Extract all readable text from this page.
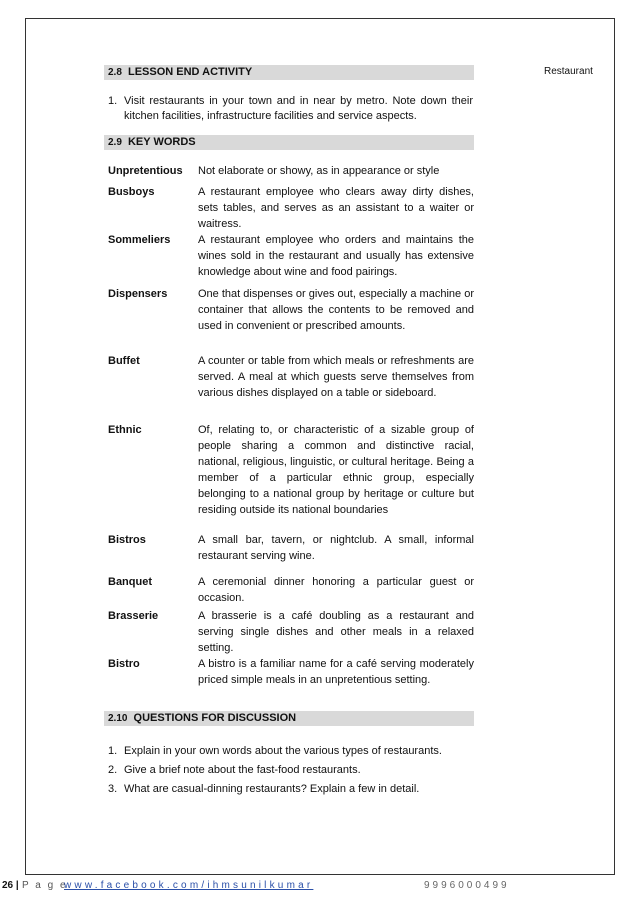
Restaurant
2.8 LESSON END ACTIVITY
1. Visit restaurants in your town and in near by metro. Note down their kitchen facilities, infrastructure facilities and service aspects.
2.9 KEY WORDS
Unpretentious Not elaborate or showy, as in appearance or style
Busboys	A restaurant employee who clears away dirty dishes, sets tables, and serves as an assistant to a waiter or waitress.
Sommeliers	A restaurant employee who orders and maintains the wines sold in the restaurant and usually has extensive knowledge about wine and food pairings.
Dispensers	One that dispenses or gives out, especially a machine or container that allows the contents to be removed and used in convenient or prescribed amounts.
Buffet	A counter or table from which meals or refreshments are served. A meal at which guests serve themselves from various dishes displayed on a table or sideboard.
Ethnic	Of, relating to, or characteristic of a sizable group of people sharing a common and distinctive racial, national, religious, linguistic, or cultural heritage. Being a member of a particular ethnic group, especially belonging to a national group by heritage or culture but residing outside its national boundaries
Bistros	A small bar, tavern, or nightclub. A small, informal restaurant serving wine.
Banquet	A ceremonial dinner honoring a particular guest or occasion.
Brasserie	A brasserie is a café doubling as a restaurant and serving single dishes and other meals in a relaxed setting.
Bistro	A bistro is a familiar name for a café serving moderately priced simple meals in an unpretentious setting.
2.10 QUESTIONS FOR DISCUSSION
1. Explain in your own words about the various types of restaurants.
2. Give a brief note about the fast-food restaurants.
3. What are casual-dinning restaurants? Explain a few in detail.
26 | P a g e
www.facebook.com/ihmsunilkumar	9996000499
